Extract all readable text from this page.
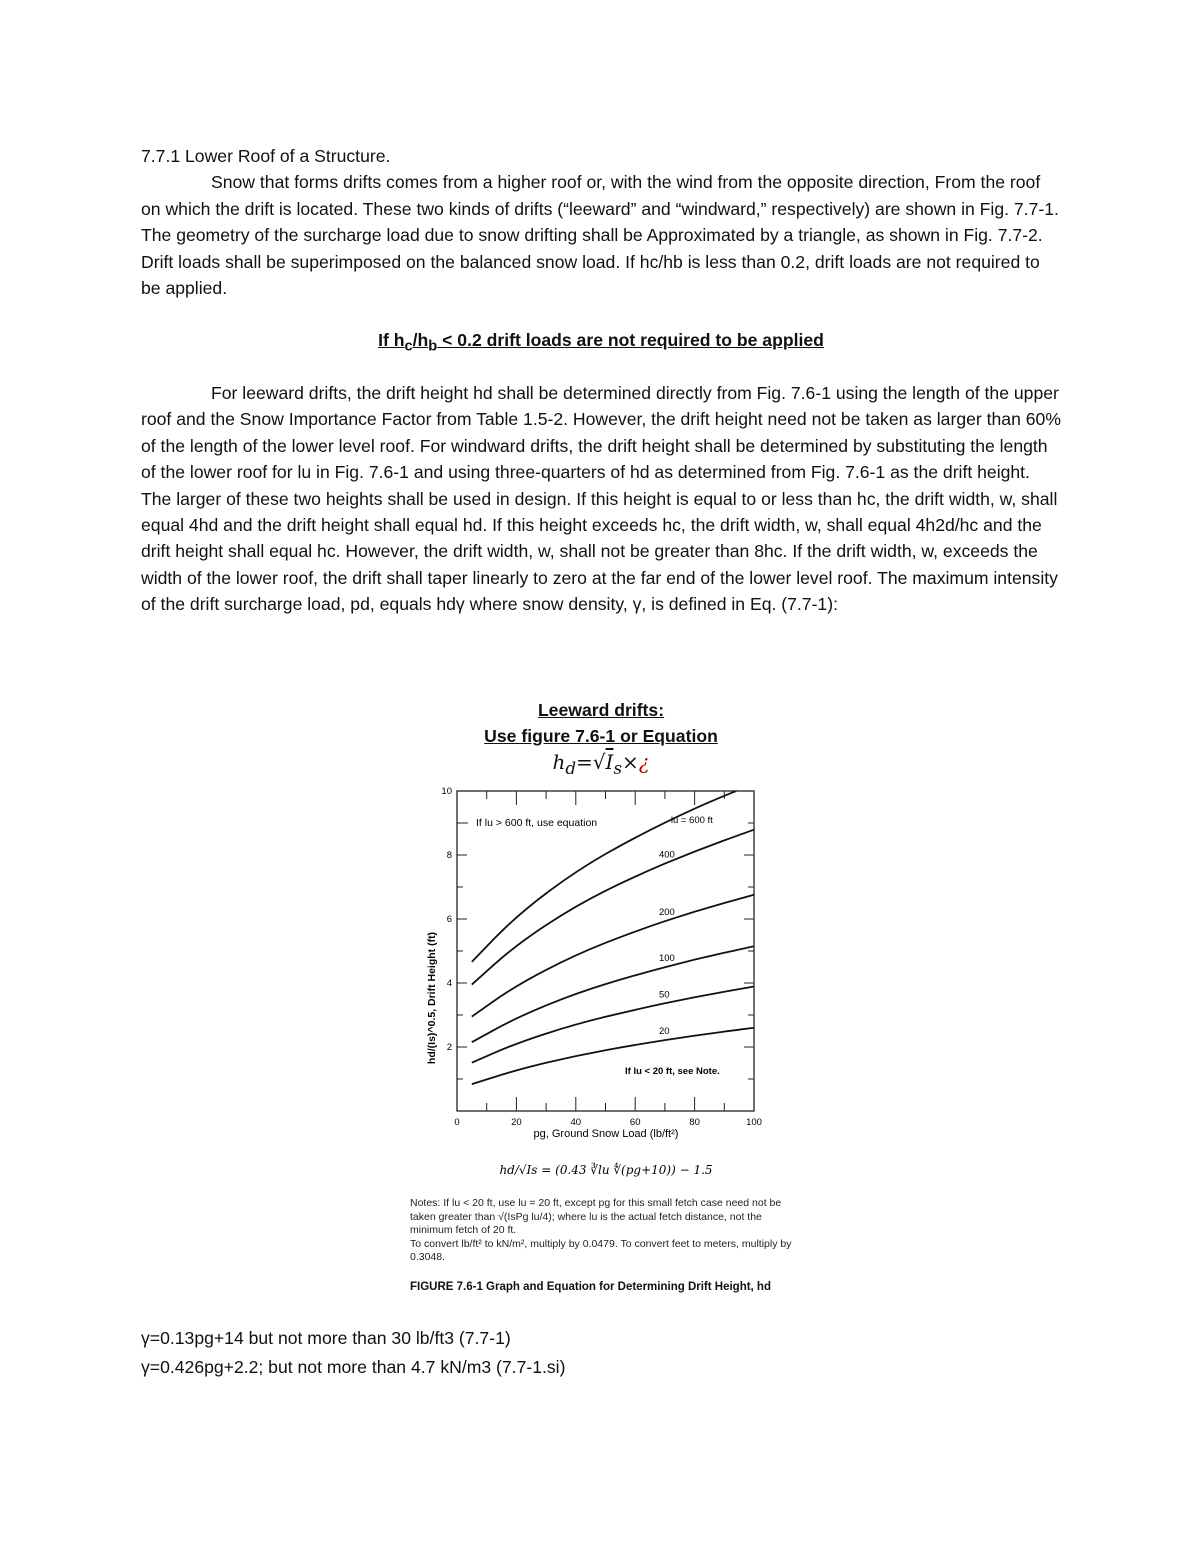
7.7.1 Lower Roof of a Structure.

Snow that forms drifts comes from a higher roof or, with the wind from the opposite direction, From the roof on which the drift is located. These two kinds of drifts (“leeward” and “windward,” respectively) are shown in Fig. 7.7-1. The geometry of the surcharge load due to snow drifting shall be Approximated by a triangle, as shown in Fig. 7.7-2. Drift loads shall be superimposed on the balanced snow load. If hc/hb is less than 0.2, drift loads are not required to be applied.

If $h_c/h_b < 0.2$ drift loads are not required to be applied

For leeward drifts, the drift height hd shall be determined directly from Fig. 7.6-1 using the length of the upper roof and the Snow Importance Factor from Table 1.5-2. However, the drift height need not be taken as larger than 60% of the length of the lower level roof. For windward drifts, the drift height shall be determined by substituting the length of the lower roof for lu in Fig. 7.6-1 and using three-quarters of hd as determined from Fig. 7.6-1 as the drift height. The larger of these two heights shall be used in design. If this height is equal to or less than hc, the drift width, w, shall equal 4hd and the drift height shall equal hd. If this height exceeds hc, the drift width, w, shall equal 4h2d/hc and the drift height shall equal hc. However, the drift width, w, shall not be greater than 8hc. If the drift width, w, exceeds the width of the lower roof, the drift shall taper linearly to zero at the far end of the lower level roof. The maximum intensity of the drift surcharge load, pd, equals hdγ where snow density, γ, is defined in Eq. (7.7-1):

Leeward drifts:
Use figure 7.6-1 or Equation
$h_d=√I_s\times¿$
2
4
6
8
10
0	20	40	60	80	100
20
50
100
200
400
lu = 600 ft
If lu > 600 ft, use equation
If lu < 20 ft, see Note.
hd/(Is)^0.5, Drift Height (ft)
pg, Ground Snow Load (lb/ft²)
hd/√Is = (0.43 ∛lu ∜(pg+10)) − 1.5
Notes: If lu < 20 ft, use lu = 20 ft, except pg for this small fetch case need not be taken greater than √(IsPg lu/4); where lu is the actual fetch distance, not the minimum fetch of 20 ft.
To convert lb/ft² to kN/m², multiply by 0.0479. To convert feet to meters, multiply by 0.3048.
FIGURE 7.6-1 Graph and Equation for Determining Drift Height, hd
γ=0.13pg+14 but not more than 30 lb/ft3 (7.7-1)
γ=0.426pg+2.2; but not more than 4.7 kN/m3 (7.7-1.si)
